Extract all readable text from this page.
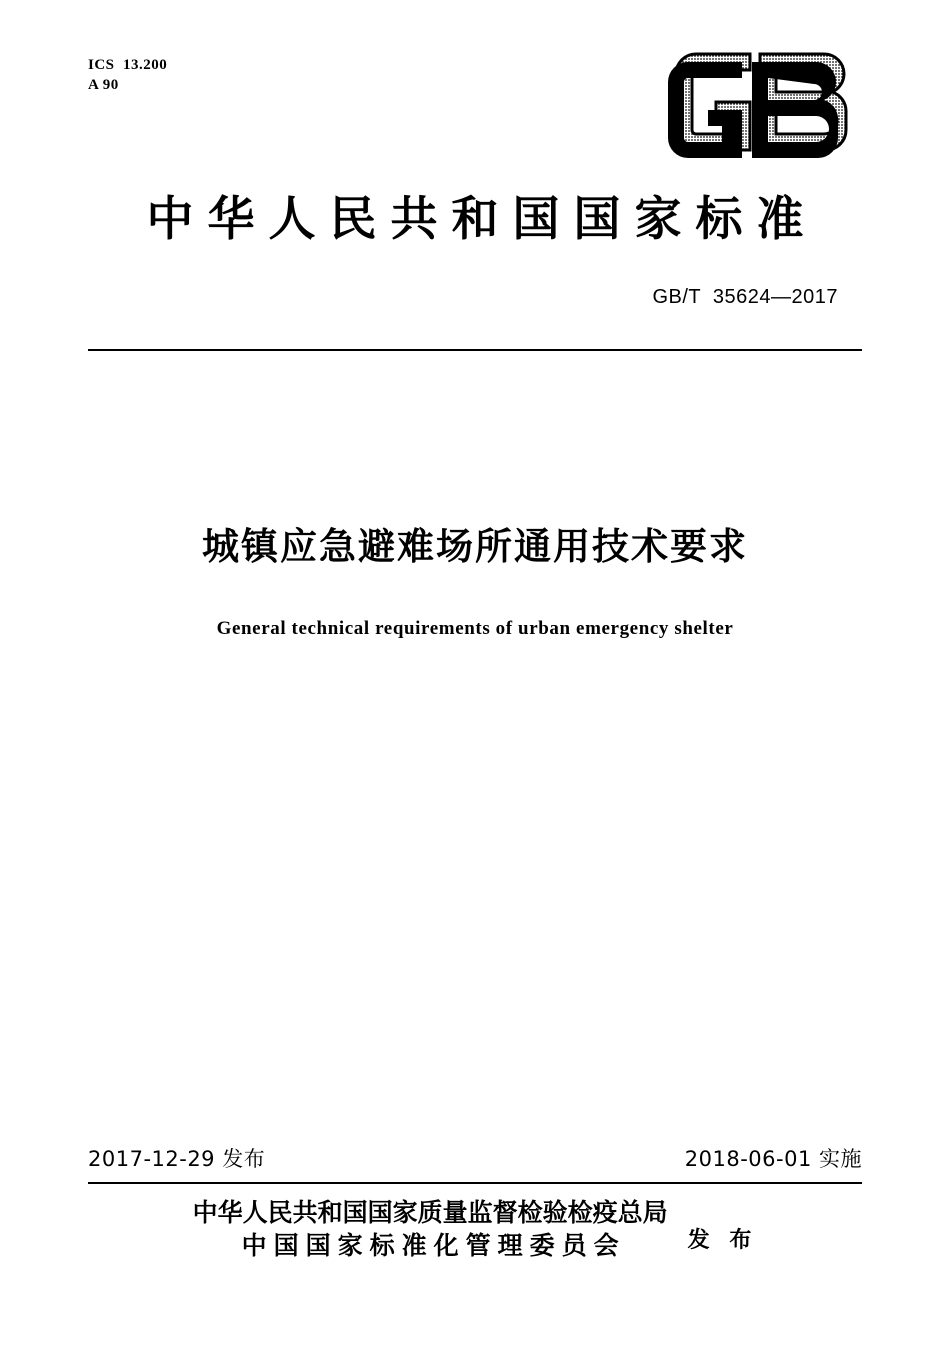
ICS  13.200
A 90
中华人民共和国国家标准
GB/T  35624—2017
城镇应急避难场所通用技术要求
General technical requirements of urban emergency shelter
2017-12-29 发布	2018-06-01 实施
中华人民共和国国家质量监督检验检疫总局
中国国家标准化管理委员会	发 布
